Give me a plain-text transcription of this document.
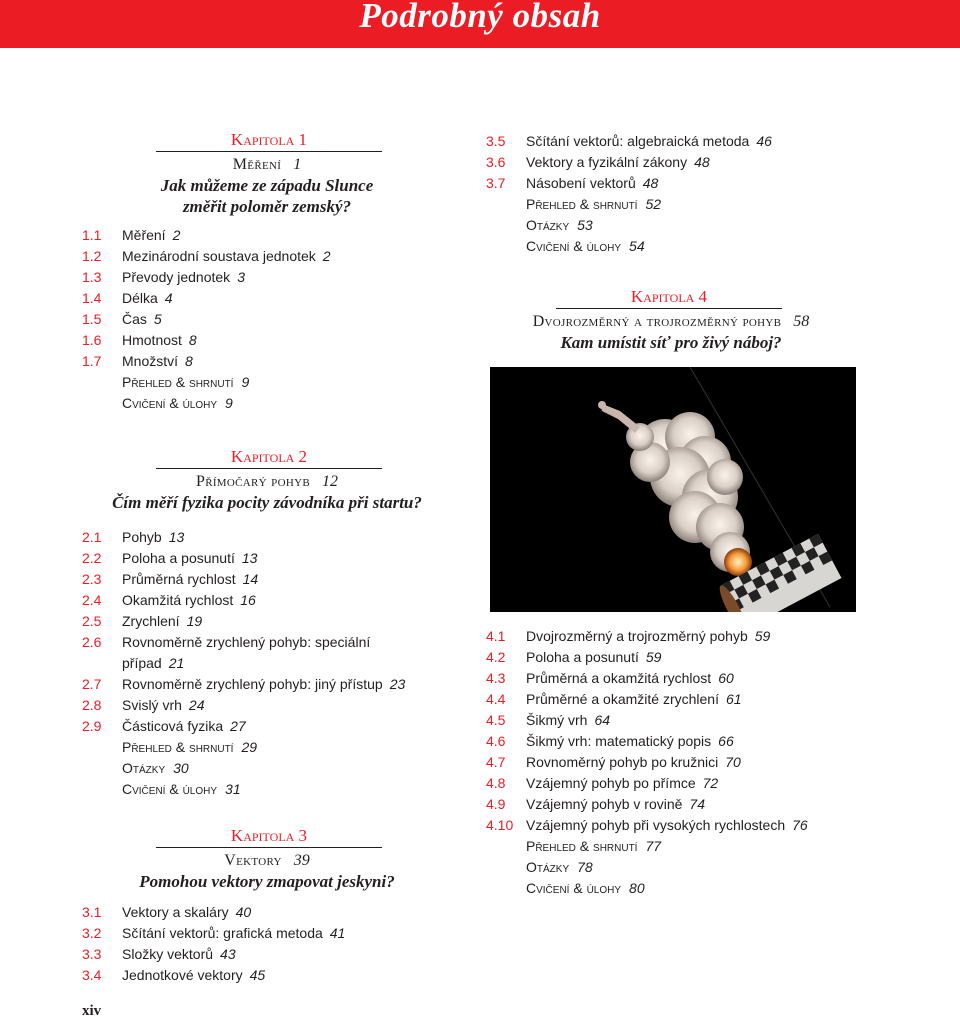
Podrobný obsah
Kapitola 1
Měření 1
Jak můžeme ze západu Slunce
změřit poloměr zemský?
1.1	Měření 2
1.2	Mezinárodní soustava jednotek 2
1.3	Převody jednotek 3
1.4	Délka 4
1.5	Čas 5
1.6	Hmotnost 8
1.7	Množství 8
Přehled & shrnutí 9
Cvičení & úlohy 9
Kapitola 2
Přímočarý pohyb 12
Čím měří fyzika pocity závodníka při startu?
2.1	Pohyb 13
2.2	Poloha a posunutí 13
2.3	Průměrná rychlost 14
2.4	Okamžitá rychlost 16
2.5	Zrychlení 19
2.6	Rovnoměrně zrychlený pohyb: speciální
případ 21
2.7	Rovnoměrně zrychlený pohyb: jiný přístup 23
2.8	Svislý vrh 24
2.9	Částicová fyzika 27
Přehled & shrnutí 29
Otázky 30
Cvičení & úlohy 31
Kapitola 3
Vektory 39
Pomohou vektory zmapovat jeskyni?
3.1	Vektory a skaláry 40
3.2	Sčítání vektorů: grafická metoda 41
3.3	Složky vektorů 43
3.4	Jednotkové vektory 45
3.5	Sčítání vektorů: algebraická metoda 46
3.6	Vektory a fyzikální zákony 48
3.7	Násobení vektorů 48
Přehled & shrnutí 52
Otázky 53
Cvičení & úlohy 54
Kapitola 4
Dvojrozměrný a trojrozměrný pohyb 58
Kam umístit síť pro živý náboj?
4.1	Dvojrozměrný a trojrozměrný pohyb 59
4.2	Poloha a posunutí 59
4.3	Průměrná a okamžitá rychlost 60
4.4	Průměrné a okamžité zrychlení 61
4.5	Šikmý vrh 64
4.6	Šikmý vrh: matematický popis 66
4.7	Rovnoměrný pohyb po kružnici 70
4.8	Vzájemný pohyb po přímce 72
4.9	Vzájemný pohyb v rovině 74
4.10 Vzájemný pohyb při vysokých rychlostech 76
Přehled & shrnutí 77
Otázky 78
Cvičení & úlohy 80
xiv
